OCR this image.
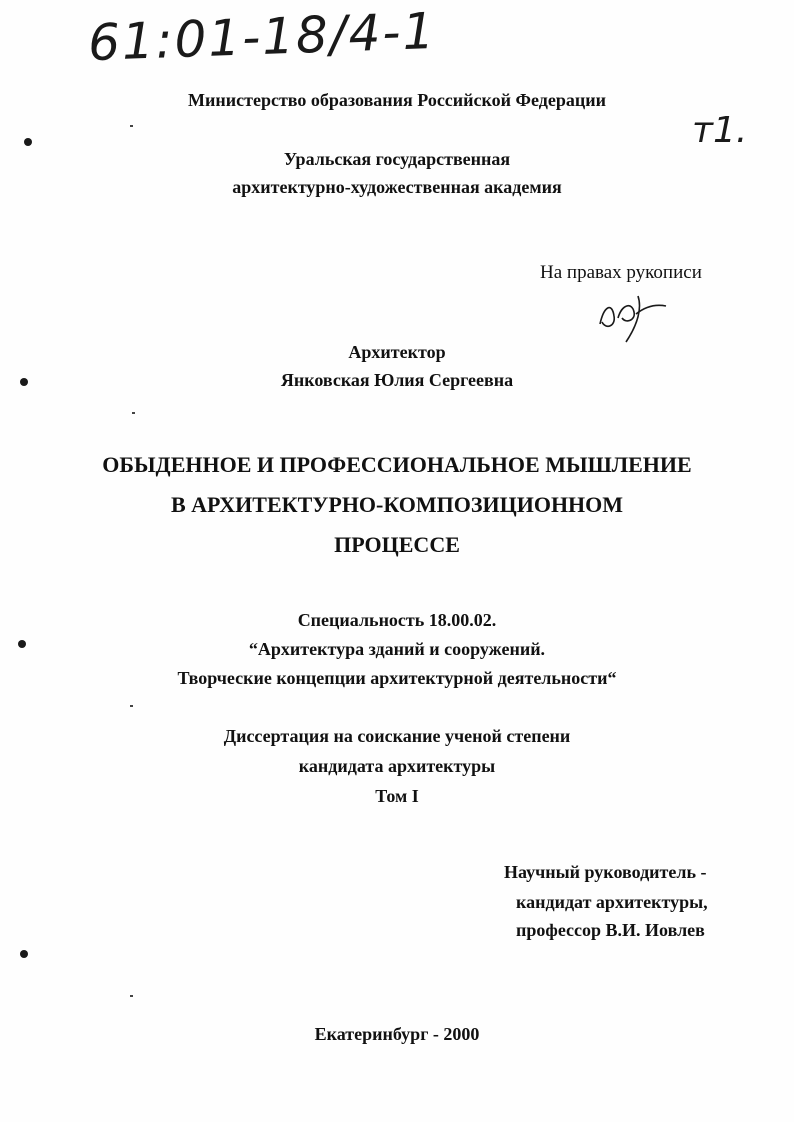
61:01-18/4-1
т1.
Министерство образования Российской Федерации
Уральская государственная
архитектурно-художественная академия
На правах рукописи
Архитектор
Янковская Юлия Сергеевна
ОБЫДЕННОЕ И ПРОФЕССИОНАЛЬНОЕ МЫШЛЕНИЕ
В АРХИТЕКТУРНО-КОМПОЗИЦИОННОМ
ПРОЦЕССЕ
Специальность 18.00.02.
“Архитектура зданий и сооружений.
Творческие концепции архитектурной деятельности“
Диссертация на соискание ученой степени
кандидата архитектуры
Том I
Научный руководитель -
кандидат архитектуры,
профессор В.И. Иовлев
Екатеринбург - 2000
